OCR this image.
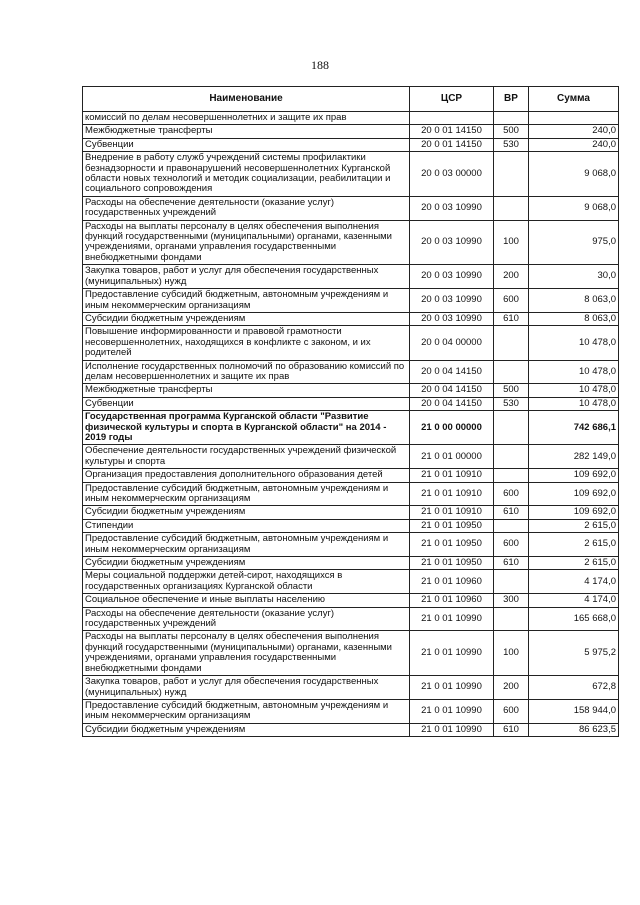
188
Наименование	ЦСР	ВР	Сумма
комиссий по делам несовершеннолетних и защите их прав			
Межбюджетные трансферты	20 0 01 14150	500	240,0
Субвенции	20 0 01 14150	530	240,0
Внедрение в работу служб учреждений системы профилактики безнадзорности и правонарушений несовершеннолетних Курганской области новых технологий и методик социализации, реабилитации и социального сопровождения	20 0 03 00000		9 068,0
Расходы на обеспечение деятельности (оказание услуг) государственных учреждений	20 0 03 10990		9 068,0
Расходы на выплаты персоналу в целях обеспечения выполнения функций государственными (муниципальными) органами, казенными учреждениями, органами управления государственными внебюджетными фондами	20 0 03 10990	100	975,0
Закупка товаров, работ и услуг для обеспечения государственных (муниципальных) нужд	20 0 03 10990	200	30,0
Предоставление субсидий бюджетным, автономным учреждениям и иным некоммерческим организациям	20 0 03 10990	600	8 063,0
Субсидии бюджетным учреждениям	20 0 03 10990	610	8 063,0
Повышение информированности и правовой грамотности несовершеннолетних, находящихся в конфликте с законом, и их родителей	20 0 04 00000		10 478,0
Исполнение государственных полномочий по образованию комиссий по делам несовершеннолетних и защите их прав	20 0 04 14150		10 478,0
Межбюджетные трансферты	20 0 04 14150	500	10 478,0
Субвенции	20 0 04 14150	530	10 478,0
Государственная программа Курганской области "Развитие физической культуры и спорта в Курганской области" на 2014 - 2019 годы	21 0 00 00000		742 686,1
Обеспечение деятельности государственных учреждений физической культуры и спорта	21 0 01 00000		282 149,0
Организация предоставления дополнительного образования детей	21 0 01 10910		109 692,0
Предоставление субсидий бюджетным, автономным учреждениям и иным некоммерческим организациям	21 0 01 10910	600	109 692,0
Субсидии бюджетным учреждениям	21 0 01 10910	610	109 692,0
Стипендии	21 0 01 10950		2 615,0
Предоставление субсидий бюджетным, автономным учреждениям и иным некоммерческим организациям	21 0 01 10950	600	2 615,0
Субсидии бюджетным учреждениям	21 0 01 10950	610	2 615,0
Меры социальной поддержки детей-сирот, находящихся в государственных организациях Курганской области	21 0 01 10960		4 174,0
Социальное обеспечение и иные выплаты населению	21 0 01 10960	300	4 174,0
Расходы на обеспечение деятельности (оказание услуг) государственных учреждений	21 0 01 10990		165 668,0
Расходы на выплаты персоналу в целях обеспечения выполнения функций государственными (муниципальными) органами, казенными учреждениями, органами управления государственными внебюджетными фондами	21 0 01 10990	100	5 975,2
Закупка товаров, работ и услуг для обеспечения государственных (муниципальных) нужд	21 0 01 10990	200	672,8
Предоставление субсидий бюджетным, автономным учреждениям и иным некоммерческим организациям	21 0 01 10990	600	158 944,0
Субсидии бюджетным учреждениям	21 0 01 10990	610	86 623,5
